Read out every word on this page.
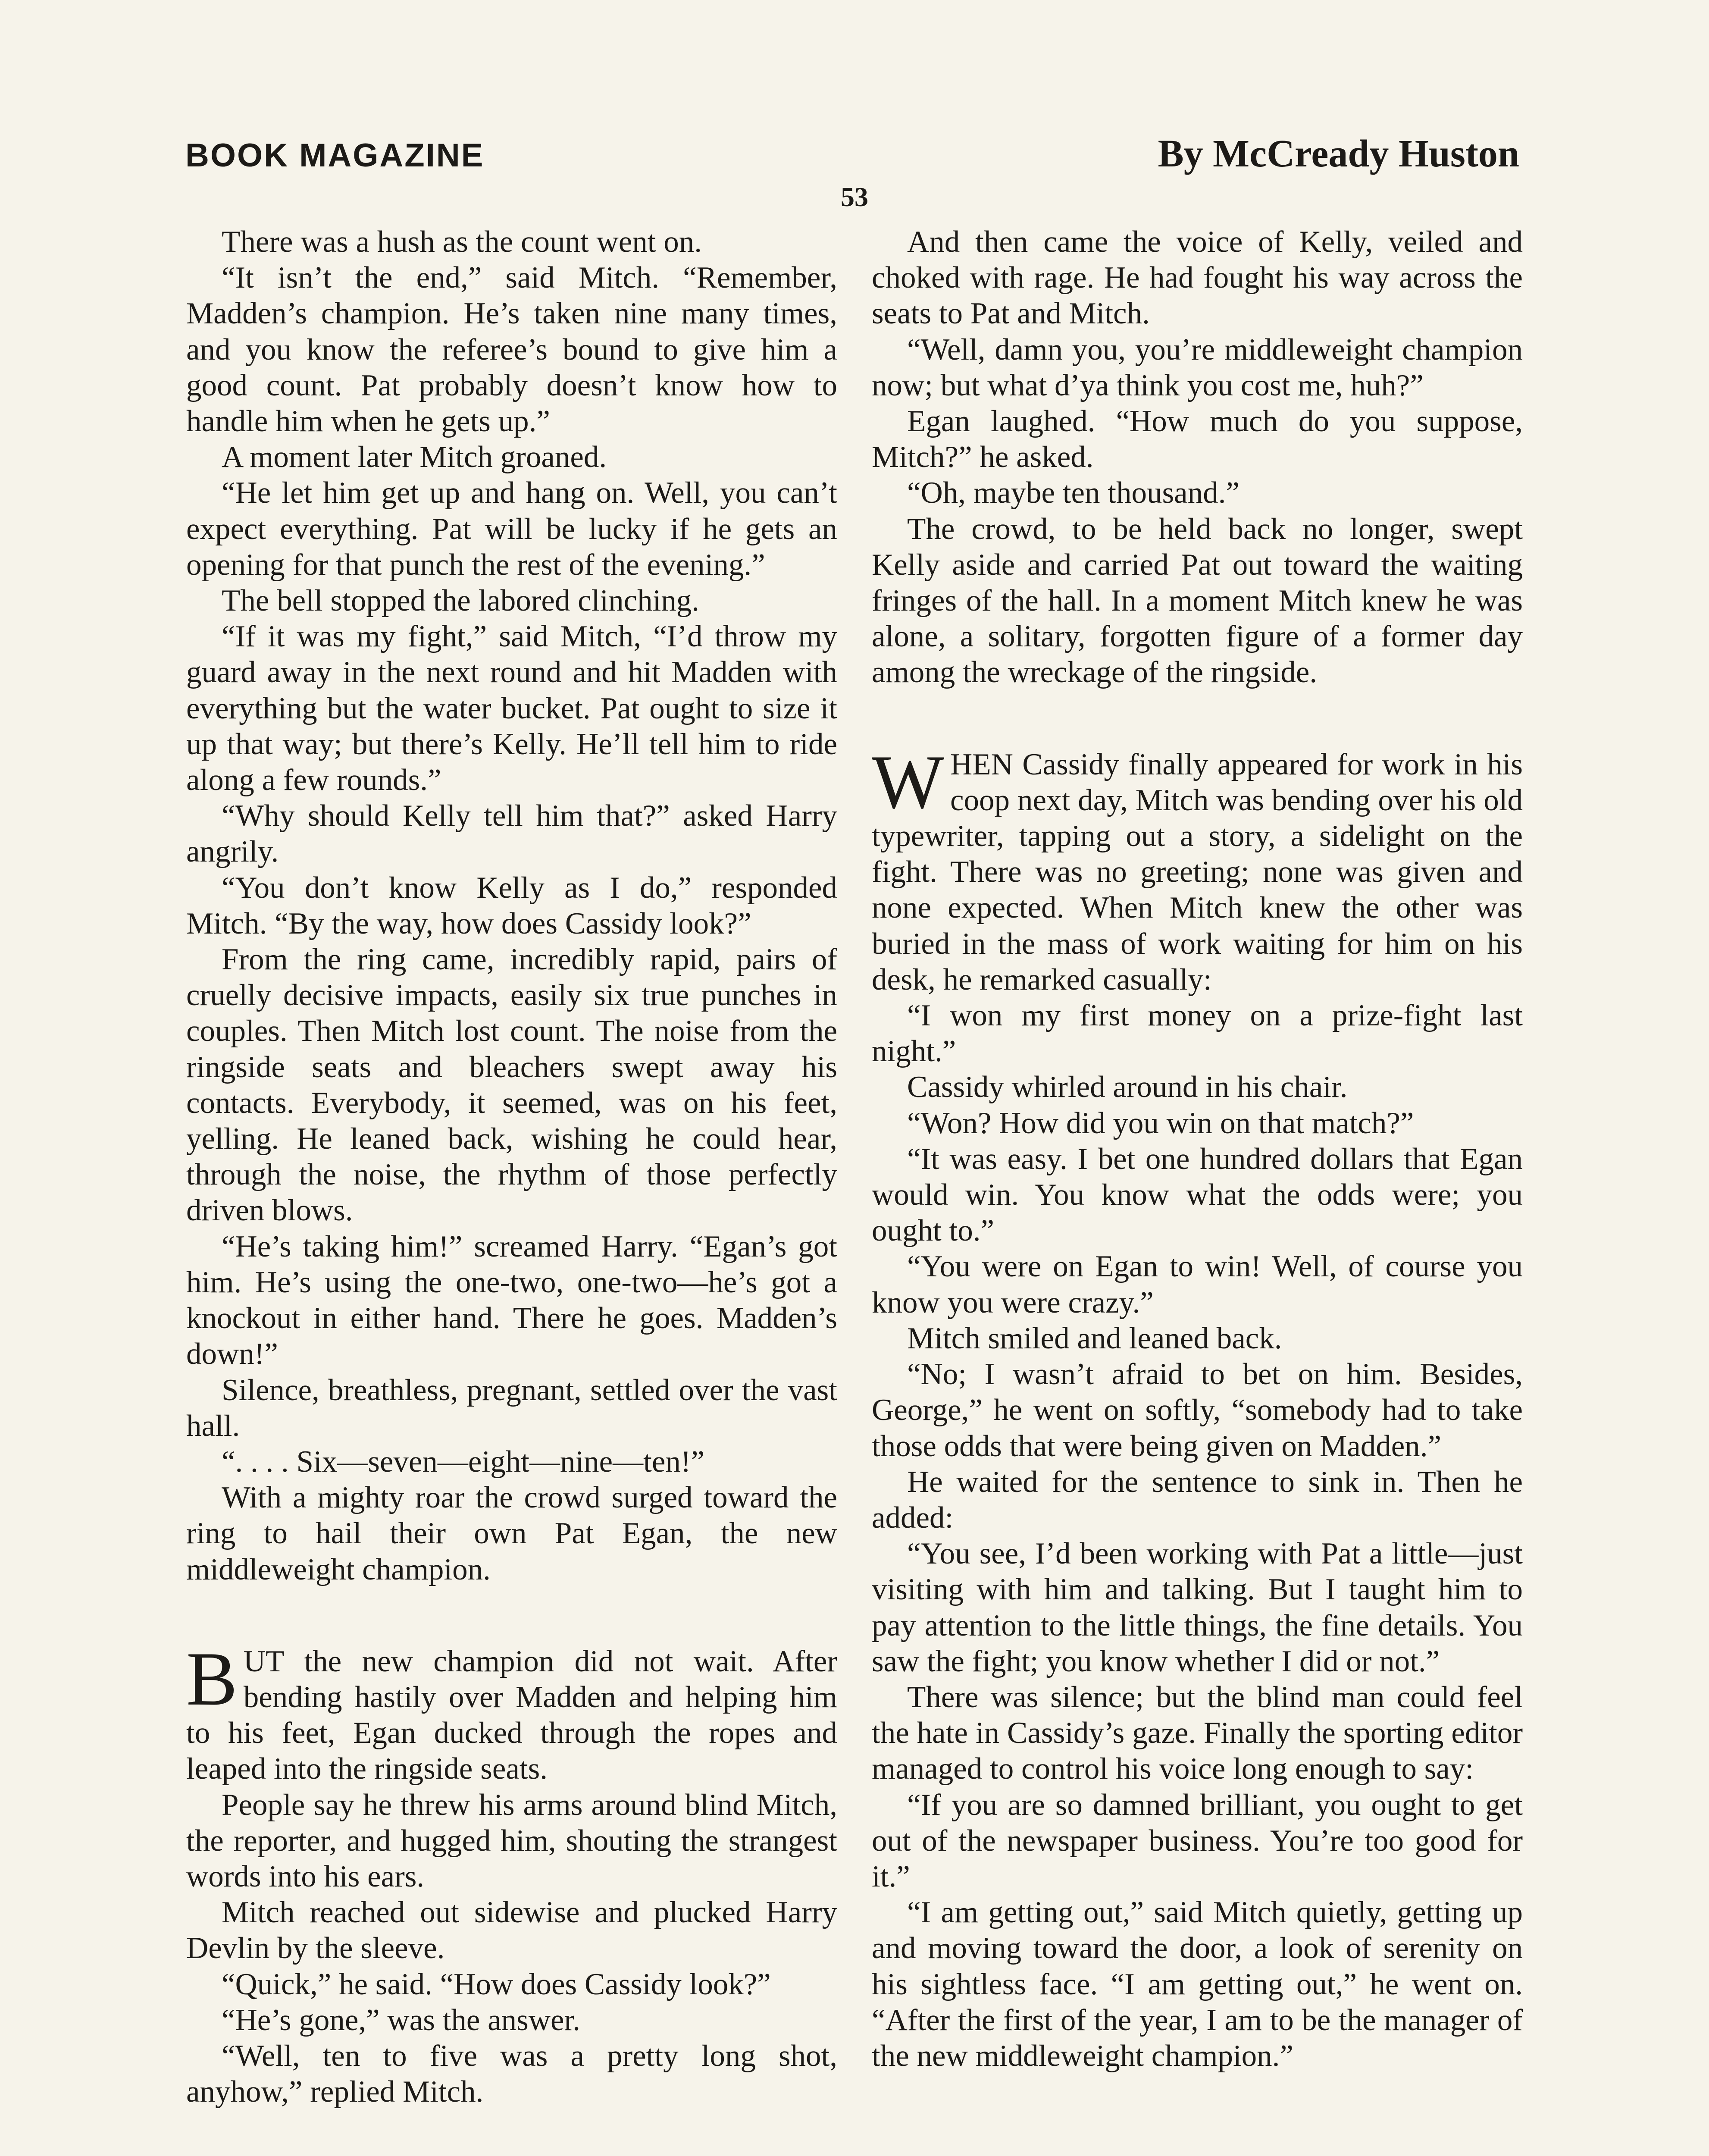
BOOK MAGAZINE	By McCready Huston
53

There was a hush as the count went on.

“It isn’t the end,” said Mitch. “Remember, Madden’s champion. He’s taken nine many times, and you know the referee’s bound to give him a good count. Pat probably doesn’t know how to handle him when he gets up.”

A moment later Mitch groaned.

“He let him get up and hang on. Well, you can’t expect everything. Pat will be lucky if he gets an opening for that punch the rest of the evening.”

The bell stopped the labored clinching.

“If it was my fight,” said Mitch, “I’d throw my guard away in the next round and hit Madden with everything but the water bucket. Pat ought to size it up that way; but there’s Kelly. He’ll tell him to ride along a few rounds.”

“Why should Kelly tell him that?” asked Harry angrily.

“You don’t know Kelly as I do,” responded Mitch. “By the way, how does Cassidy look?”

From the ring came, incredibly rapid, pairs of cruelly decisive impacts, easily six true punches in couples. Then Mitch lost count. The noise from the ringside seats and bleachers swept away his contacts. Everybody, it seemed, was on his feet, yelling. He leaned back, wishing he could hear, through the noise, the rhythm of those perfectly driven blows.

“He’s taking him!” screamed Harry. “Egan’s got him. He’s using the one-two, one-two—he’s got a knockout in either hand. There he goes. Madden’s down!”

Silence, breathless, pregnant, settled over the vast hall.

“. . . . Six—seven—eight—nine—ten!”

With a mighty roar the crowd surged toward the ring to hail their own Pat Egan, the new middleweight champion.

BUT the new champion did not wait. After bending hastily over Madden and helping him to his feet, Egan ducked through the ropes and leaped into the ringside seats.

People say he threw his arms around blind Mitch, the reporter, and hugged him, shouting the strangest words into his ears.

Mitch reached out sidewise and plucked Harry Devlin by the sleeve.

“Quick,” he said. “How does Cassidy look?”

“He’s gone,” was the answer.

“Well, ten to five was a pretty long shot, anyhow,” replied Mitch.

And then came the voice of Kelly, veiled and choked with rage. He had fought his way across the seats to Pat and Mitch.

“Well, damn you, you’re middleweight champion now; but what d’ya think you cost me, huh?”

Egan laughed. “How much do you suppose, Mitch?” he asked.

“Oh, maybe ten thousand.”

The crowd, to be held back no longer, swept Kelly aside and carried Pat out toward the waiting fringes of the hall. In a moment Mitch knew he was alone, a solitary, forgotten figure of a former day among the wreckage of the ringside.

WHEN Cassidy finally appeared for work in his coop next day, Mitch was bending over his old typewriter, tapping out a story, a sidelight on the fight. There was no greeting; none was given and none expected. When Mitch knew the other was buried in the mass of work waiting for him on his desk, he remarked casually:

“I won my first money on a prize-fight last night.”

Cassidy whirled around in his chair.

“Won? How did you win on that match?”

“It was easy. I bet one hundred dollars that Egan would win. You know what the odds were; you ought to.”

“You were on Egan to win! Well, of course you know you were crazy.”

Mitch smiled and leaned back.

“No; I wasn’t afraid to bet on him. Besides, George,” he went on softly, “somebody had to take those odds that were being given on Madden.”

He waited for the sentence to sink in. Then he added:

“You see, I’d been working with Pat a little—just visiting with him and talking. But I taught him to pay attention to the little things, the fine details. You saw the fight; you know whether I did or not.”

There was silence; but the blind man could feel the hate in Cassidy’s gaze. Finally the sporting editor managed to control his voice long enough to say:

“If you are so damned brilliant, you ought to get out of the newspaper business. You’re too good for it.”

“I am getting out,” said Mitch quietly, getting up and moving toward the door, a look of serenity on his sightless face. “I am getting out,” he went on. “After the first of the year, I am to be the manager of the new middleweight champion.”
